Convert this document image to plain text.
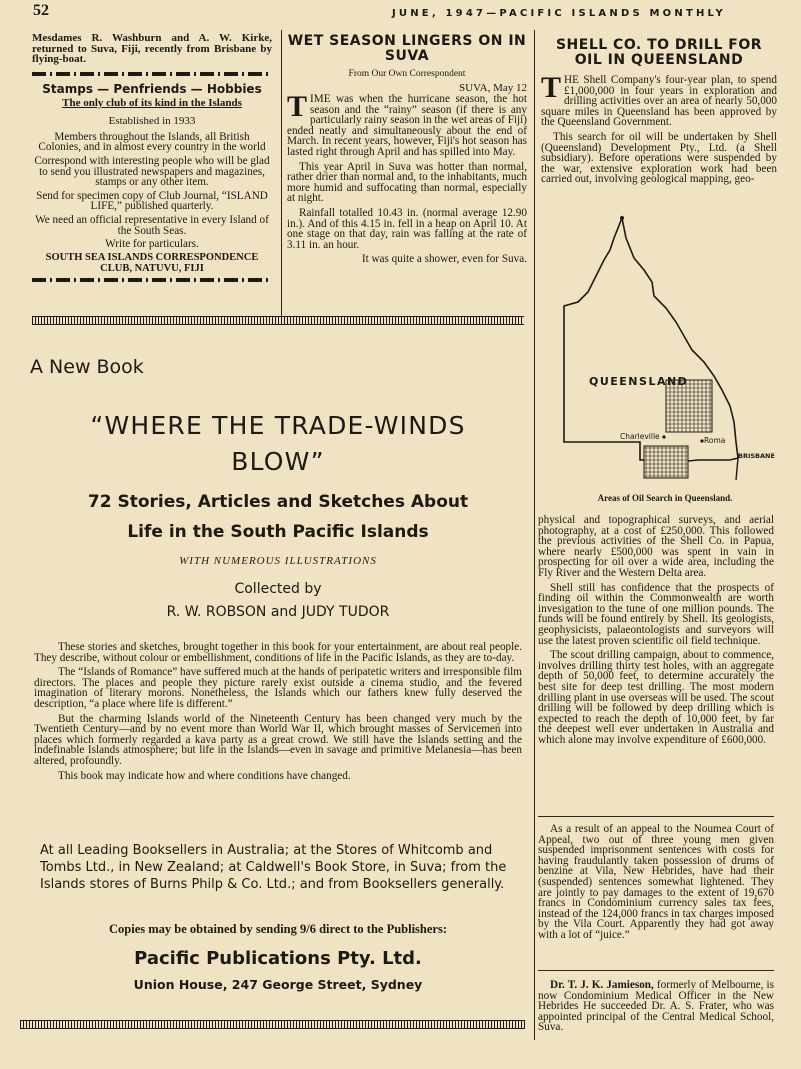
52	JUNE, 1947—PACIFIC ISLANDS MONTHLY
Mesdames R. Washburn and A. W. Kirke, returned to Suva, Fiji, recently from Brisbane by flying-boat.
Stamps — Penfriends — Hobbies
The only club of its kind in the Islands
Established in 1933
Members throughout the Islands, all British Colonies, and in almost every country in the world
Correspond with interesting people who will be glad to send you illustrated newspapers and magazines, stamps or any other item.
Send for specimen copy of Club Journal, “ISLAND LIFE,” published quarterly.
We need an official representative in every Island of the South Seas.
Write for particulars.
SOUTH SEA ISLANDS CORRESPONDENCE CLUB, NATUVU, FIJI
WET SEASON LINGERS ON IN SUVA
From Our Own Correspondent
SUVA, May 12

TIME was when the hurricane season, the hot season and the “rainy” season (if there is any particularly rainy season in the wet areas of Fiji) ended neatly and simultaneously about the end of March. In recent years, however, Fiji's hot season has lasted right through April and has spilled into May.

This year April in Suva was hotter than normal, rather drier than normal and, to the inhabitants, much more humid and suffocating than normal, especially at night.

Rainfall totalled 10.43 in. (normal average 12.90 in.). And of this 4.15 in. fell in a heap on April 10. At one stage on that day, rain was falling at the rate of 3.11 in. an hour.

It was quite a shower, even for Suva.

SHELL CO. TO DRILL FOR OIL IN QUEENSLAND

THE Shell Company's four-year plan, to spend £1,000,000 in four years in exploration and drilling activities over an area of nearly 50,000 square miles in Queensland has been approved by the Queensland Government.

This search for oil will be undertaken by Shell (Queensland) Development Pty., Ltd. (a Shell subsidiary). Before operations were suspended by the war, extensive exploration work had been carried out, involving geological mapping, geo-

QUEENSLAND
Charleville	Roma
BRISBANE
Areas of Oil Search in Queensland.

physical and topographical surveys, and aerial photography, at a cost of £250,000. This followed the previous activities of the Shell Co. in Papua, where nearly £500,000 was spent in vain in prospecting for oil over a wide area, including the Fly River and the Western Delta area.

Shell still has confidence that the prospects of finding oil within the Commonwealth are worth invesigation to the tune of one million pounds. The funds will be found entirely by Shell. Its geologists, geophysicists, palaeontologists and surveyors will use the latest proven scientific oil field technique.

The scout drilling campaign, about to commence, involves drilling thirty test holes, with an aggregate depth of 50,000 feet, to determine accurately the best site for deep test drilling. The most modern drilling plant in use overseas will be used. The scout drilling will be followed by deep drilling which is expected to reach the depth of 10,000 feet, by far the deepest well ever undertaken in Australia and which alone may involve expenditure of £600,000.

As a result of an appeal to the Noumea Court of Appeal, two out of three young men given suspended imprisonment sentences with costs for having fraudulantly taken possession of drums of benzine at Vila, New Hebrides, have had their (suspended) sentences somewhat lightened. They are jointly to pay damages to the extent of 19,670 francs in Condominium currency sales tax fees, instead of the 124,000 francs in tax charges imposed by the Vila Court. Apparently they had got away with a lot of “juice.”

Dr. T. J. K. Jamieson, formerly of Melbourne, is now Condominium Medical Officer in the New Hebrides He succeeded Dr. A. S. Frater, who was appointed principal of the Central Medical School, Suva.

A New Book
“WHERE THE TRADE-WINDS
BLOW”
72 Stories, Articles and Sketches About
Life in the South Pacific Islands
WITH NUMEROUS ILLUSTRATIONS
Collected by
R. W. ROBSON and JUDY TUDOR

These stories and sketches, brought together in this book for your entertainment, are about real people. They describe, without colour or embellishment, conditions of life in the Pacific Islands, as they are to-day.

The “Islands of Romance” have suffered much at the hands of peripatetic writers and irresponsible film directors. The places and people they picture rarely exist outside a cinema studio, and the fevered imagination of literary morons. Nonetheless, the Islands which our fathers knew fully deserved the description, “a place where life is different.”

But the charming Islands world of the Nineteenth Century has been changed very much by the Twentieth Century—and by no event more than World War II, which brought masses of Servicemen into places which formerly regarded a kava party as a great crowd. We still have the Islands setting and the indefinable Islands atmosphere; but life in the Islands—even in savage and primitive Melanesia—has been altered, profoundly.

This book may indicate how and where conditions have changed.

At all Leading Booksellers in Australia; at the Stores of Whitcomb and Tombs Ltd., in New Zealand; at Caldwell's Book Store, in Suva; from the Islands stores of Burns Philp & Co. Ltd.; and from Booksellers generally.
Copies may be obtained by sending 9/6 direct to the Publishers:
Pacific Publications Pty. Ltd.
Union House, 247 George Street, Sydney
